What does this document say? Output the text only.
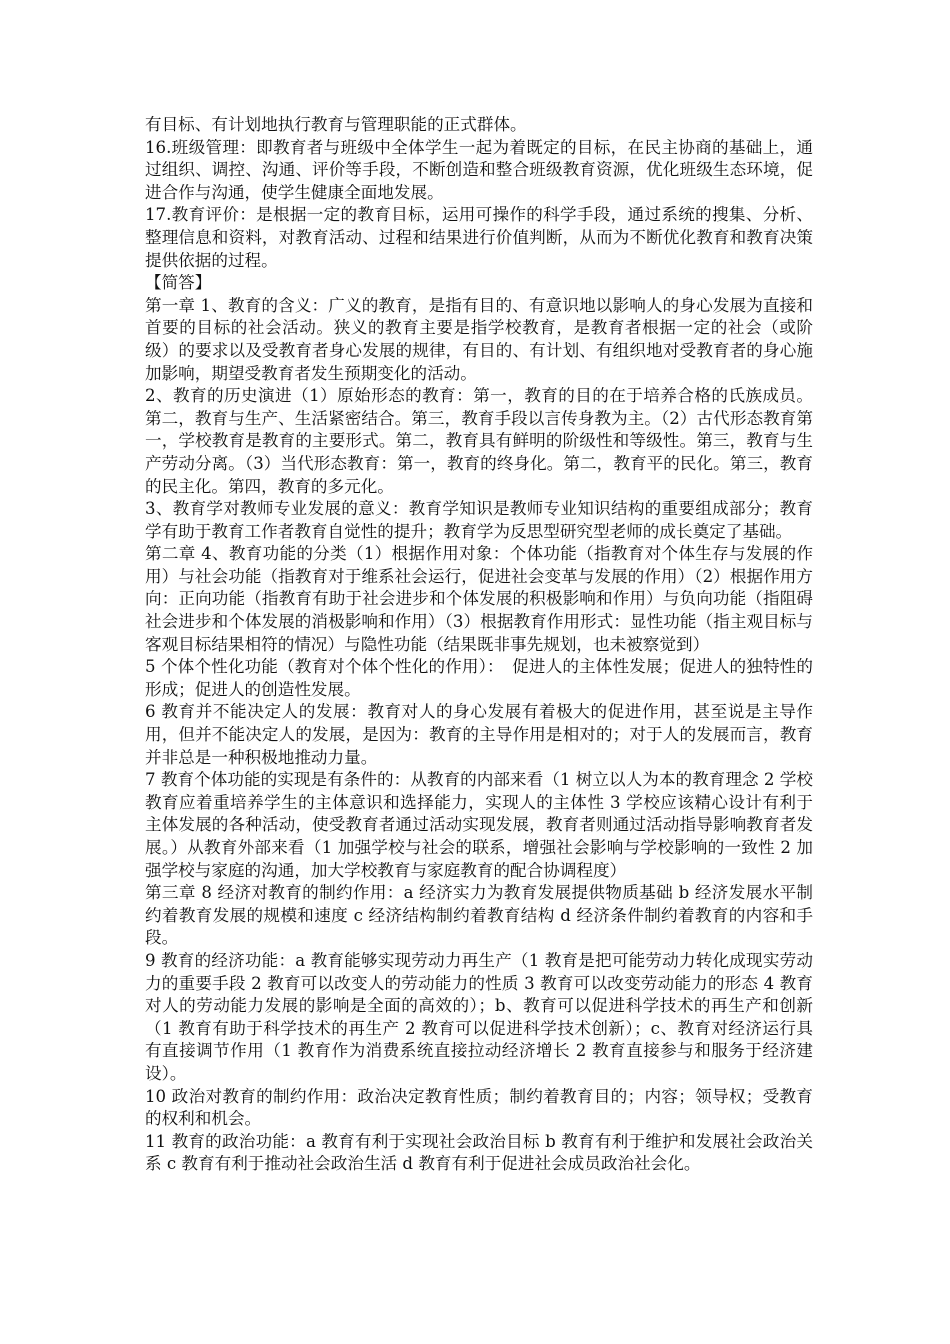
有目标、有计划地执行教育与管理职能的正式群体。

16.班级管理：即教育者与班级中全体学生一起为着既定的目标，在民主协商的基础上，通过组织、调控、沟通、评价等手段，不断创造和整合班级教育资源，优化班级生态环境，促进合作与沟通，使学生健康全面地发展。

17.教育评价：是根据一定的教育目标，运用可操作的科学手段，通过系统的搜集、分析、整理信息和资料，对教育活动、过程和结果进行价值判断，从而为不断优化教育和教育决策提供依据的过程。

【简答】

第一章 1、教育的含义：广义的教育，是指有目的、有意识地以影响人的身心发展为直接和首要的目标的社会活动。狭义的教育主要是指学校教育，是教育者根据一定的社会（或阶级）的要求以及受教育者身心发展的规律，有目的、有计划、有组织地对受教育者的身心施加影响，期望受教育者发生预期变化的活动。

2、教育的历史演进（1）原始形态的教育：第一，教育的目的在于培养合格的氏族成员。第二，教育与生产、生活紧密结合。第三，教育手段以言传身教为主。（2）古代形态教育第一，学校教育是教育的主要形式。第二，教育具有鲜明的阶级性和等级性。第三，教育与生产劳动分离。（3）当代形态教育：第一，教育的终身化。第二，教育平的民化。第三，教育的民主化。第四，教育的多元化。

3、教育学对教师专业发展的意义：教育学知识是教师专业知识结构的重要组成部分；教育学有助于教育工作者教育自觉性的提升；教育学为反思型研究型老师的成长奠定了基础。

第二章 4、教育功能的分类（1）根据作用对象：个体功能（指教育对个体生存与发展的作用）与社会功能（指教育对于维系社会运行，促进社会变革与发展的作用）（2）根据作用方向：正向功能（指教育有助于社会进步和个体发展的积极影响和作用）与负向功能（指阻碍社会进步和个体发展的消极影响和作用）（3）根据教育作用形式：显性功能（指主观目标与客观目标结果相符的情况）与隐性功能（结果既非事先规划，也未被察觉到）

5 个体个性化功能（教育对个体个性化的作用）：　促进人的主体性发展；促进人的独特性的形成；促进人的创造性发展。

6 教育并不能决定人的发展：教育对人的身心发展有着极大的促进作用，甚至说是主导作用，但并不能决定人的发展，是因为：教育的主导作用是相对的；对于人的发展而言，教育并非总是一种积极地推动力量。

7 教育个体功能的实现是有条件的：从教育的内部来看（1 树立以人为本的教育理念 2 学校教育应着重培养学生的主体意识和选择能力，实现人的主体性 3 学校应该精心设计有利于主体发展的各种活动，使受教育者通过活动实现发展，教育者则通过活动指导影响教育者发展。）从教育外部来看（1 加强学校与社会的联系，增强社会影响与学校影响的一致性 2 加强学校与家庭的沟通，加大学校教育与家庭教育的配合协调程度）

第三章 8 经济对教育的制约作用：a 经济实力为教育发展提供物质基础 b 经济发展水平制约着教育发展的规模和速度 c 经济结构制约着教育结构 d 经济条件制约着教育的内容和手段。

9 教育的经济功能：a 教育能够实现劳动力再生产（1 教育是把可能劳动力转化成现实劳动力的重要手段 2 教育可以改变人的劳动能力的性质 3 教育可以改变劳动能力的形态 4 教育对人的劳动能力发展的影响是全面的高效的）；b、教育可以促进科学技术的再生产和创新（1 教育有助于科学技术的再生产 2 教育可以促进科学技术创新）；c、教育对经济运行具有直接调节作用（1 教育作为消费系统直接拉动经济增长 2 教育直接参与和服务于经济建设）。

10 政治对教育的制约作用：政治决定教育性质；制约着教育目的；内容；领导权；受教育的权利和机会。

11 教育的政治功能：a 教育有利于实现社会政治目标 b 教育有利于维护和发展社会政治关系 c 教育有利于推动社会政治生活 d 教育有利于促进社会成员政治社会化。
